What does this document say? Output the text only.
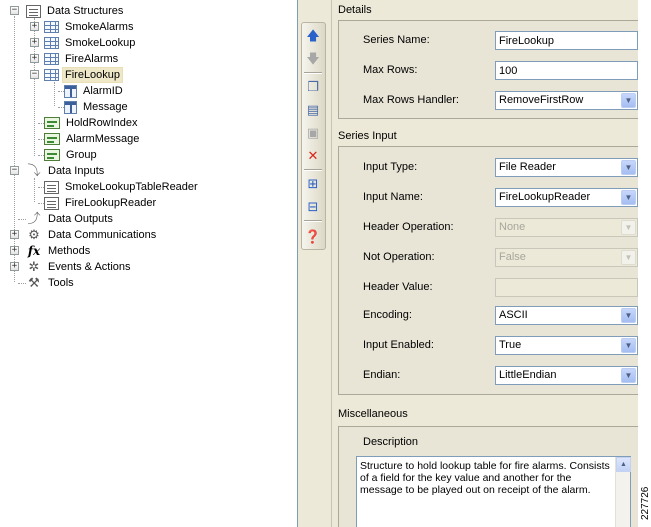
−	Data Structures
+	SmokeAlarms
+	SmokeLookup
+	FireAlarms
−	FireLookup
AlarmID
Message
HoldRowIndex
AlarmMessage
Group
− ⤵ Data Inputs
SmokeLookupTableReader
FireLookupReader
⤴ Data Outputs
+ ⚙ Data Communications
+ fx Methods
+ ✲ Events & Actions
⚒ Tools
🡅
🡇
❐
▤
▣
✕
⊞
⊟
❓
Details
Series Name:
FireLookup
Max Rows:
100
Max Rows Handler:	RemoveFirstRow	▼
Series Input
Input Type:	File Reader	▼
Input Name:	FireLookupReader	▼
Header Operation:	None	▼
Not Operation:	False	▼
Header Value:
Encoding:	ASCII	▼
Input Enabled:	True	▼
Endian:	LittleEndian	▼
Miscellaneous
Description
Structure to hold lookup table for fire alarms. Consists of a field for the key value and another for the message to be played out on receipt of the alarm.
▲
227726
